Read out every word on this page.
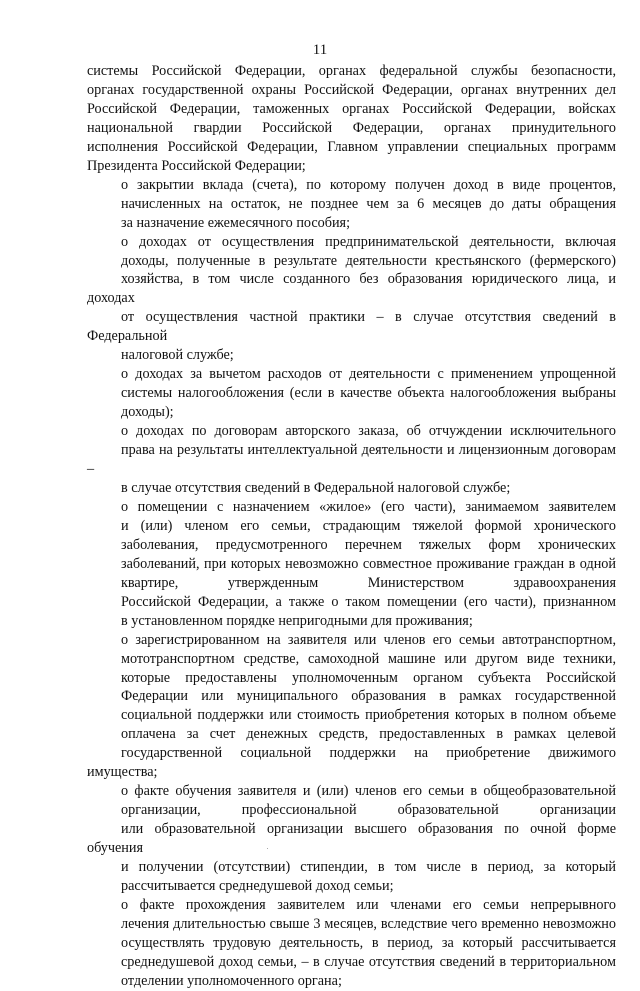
11

системы Российской Федерации, органах федеральной службы безопасности,
органах государственной охраны Российской Федерации, органах внутренних дел
Российской Федерации, таможенных органах Российской Федерации, войсках
национальной гвардии Российской Федерации, органах принудительного
исполнения Российской Федерации, Главном управлении специальных программ
Президента Российской Федерации;

о закрытии вклада (счета), по которому получен доход в виде процентов,
начисленных на остаток, не позднее чем за 6 месяцев до даты обращения
за назначение ежемесячного пособия;

о доходах от осуществления предпринимательской деятельности, включая
доходы, полученные в результате деятельности крестьянского (фермерского)
хозяйства, в том числе созданного без образования юридического лица, и доходах
от осуществления частной практики – в случае отсутствия сведений в Федеральной
налоговой службе;

о доходах за вычетом расходов от деятельности с применением упрощенной
системы налогообложения (если в качестве объекта налогообложения выбраны
доходы);

о доходах по договорам авторского заказа, об отчуждении исключительного
права на результаты интеллектуальной деятельности и лицензионным договорам –
в случае отсутствия сведений в Федеральной налоговой службе;

о помещении с назначением «жилое» (его части), занимаемом заявителем
и (или) членом его семьи, страдающим тяжелой формой хронического
заболевания, предусмотренного перечнем тяжелых форм хронических
заболеваний, при которых невозможно совместное проживание граждан в одной
квартире, утвержденным Министерством здравоохранения
Российской Федерации, а также о таком помещении (его части), признанном
в установленном порядке непригодными для проживания;

о зарегистрированном на заявителя или членов его семьи автотранспортном,
мототранспортном средстве, самоходной машине или другом виде техники,
которые предоставлены уполномоченным органом субъекта Российской
Федерации или муниципального образования в рамках государственной
социальной поддержки или стоимость приобретения которых в полном объеме
оплачена за счет денежных средств, предоставленных в рамках целевой
государственной социальной поддержки на приобретение движимого имущества;

о факте обучения заявителя и (или) членов его семьи в общеобразовательной
организации, профессиональной образовательной организации
или образовательной организации высшего образования по очной форме обучения
и получении (отсутствии) стипендии, в том числе в период, за который
рассчитывается среднедушевой доход семьи;

о факте прохождения заявителем или членами его семьи непрерывного
лечения длительностью свыше 3 месяцев, вследствие чего временно невозможно
осуществлять трудовую деятельность, в период, за который рассчитывается
среднедушевой доход семьи, – в случае отсутствия сведений в территориальном
отделении уполномоченного органа;
